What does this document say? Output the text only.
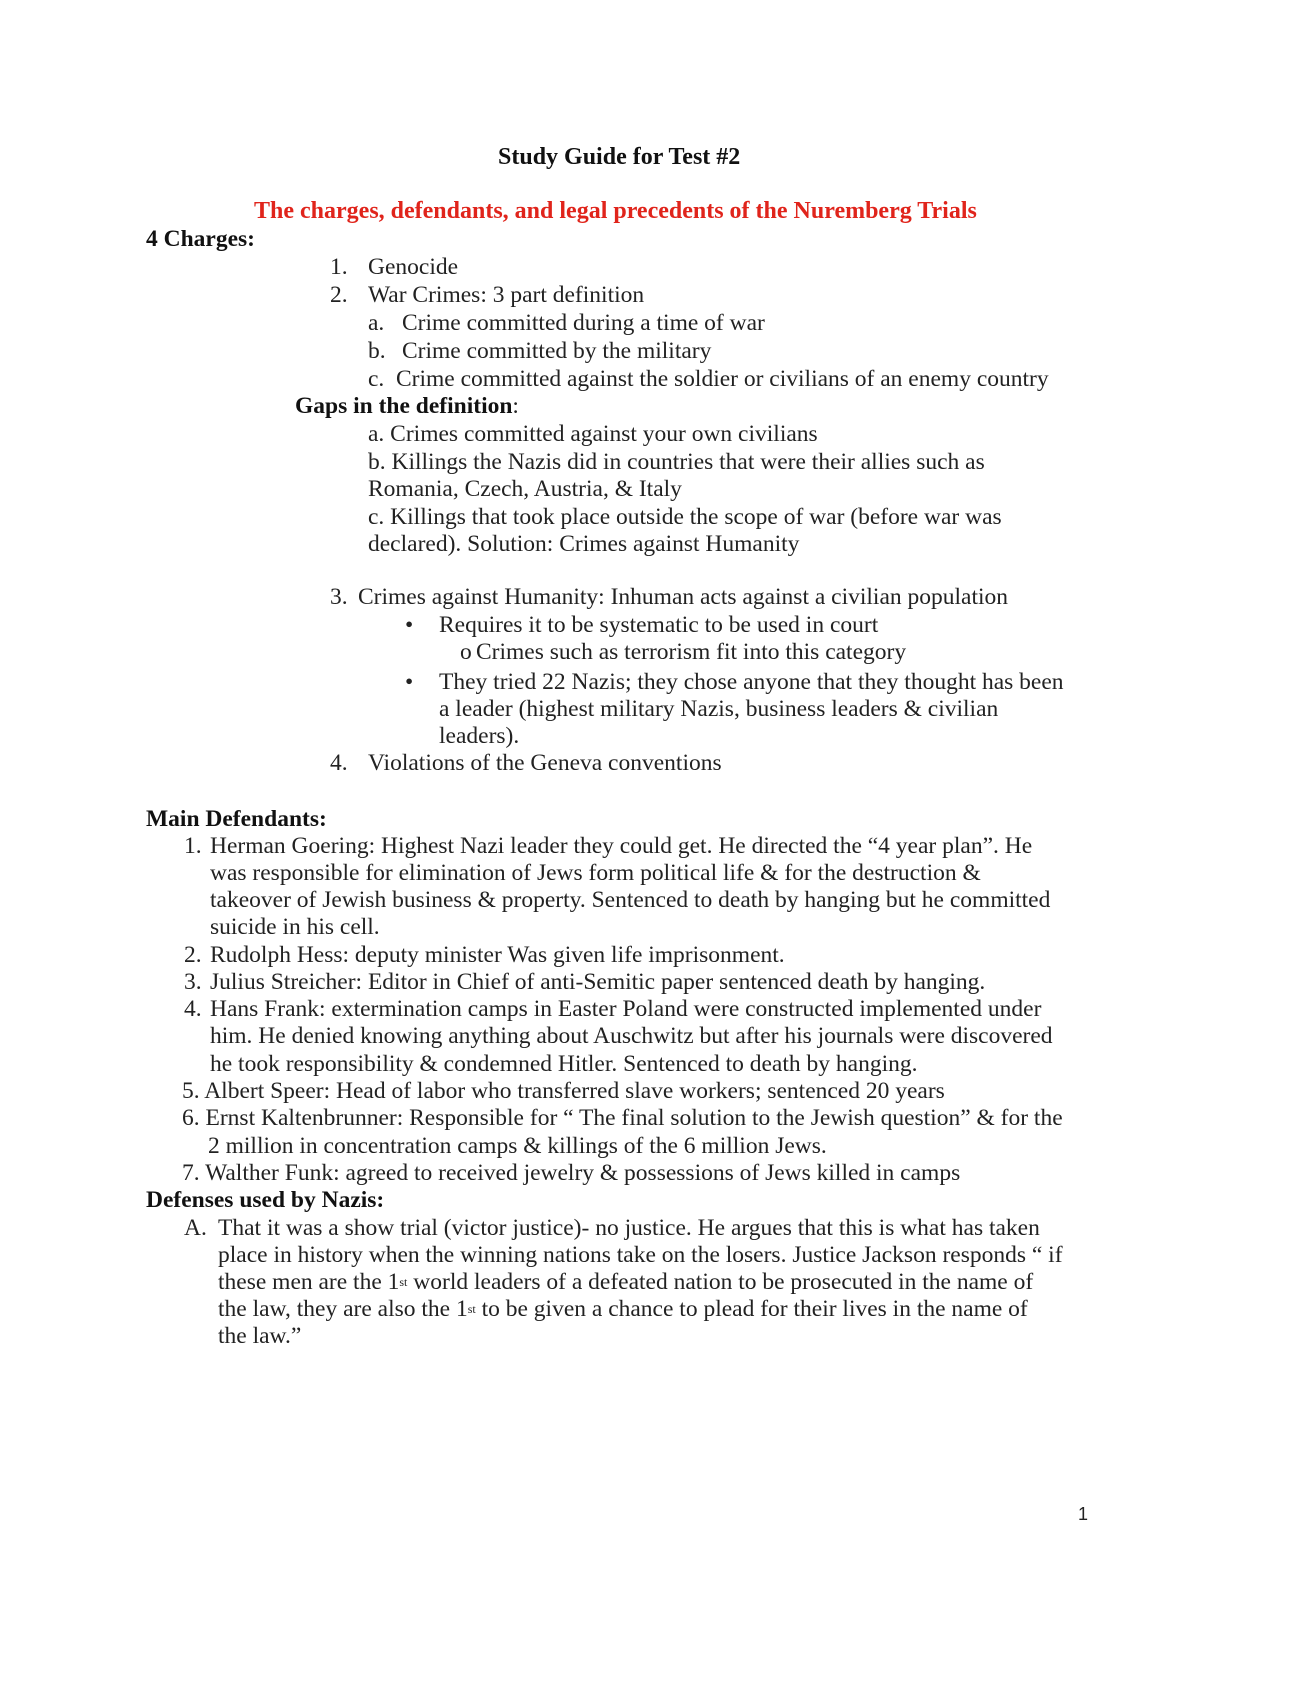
Study Guide for Test #2
The charges, defendants, and legal precedents of the Nuremberg Trials
4 Charges:
1. Genocide
2. War Crimes: 3 part definition
a. Crime committed during a time of war
b. Crime committed by the military
c. Crime committed against the soldier or civilians of an enemy country
Gaps in the definition:
a. Crimes committed against your own civilians
b. Killings the Nazis did in countries that were their allies such as
Romania, Czech, Austria, & Italy
c. Killings that took place outside the scope of war (before war was
declared). Solution: Crimes against Humanity
3. Crimes against Humanity: Inhuman acts against a civilian population
• Requires it to be systematic to be used in court
o Crimes such as terrorism fit into this category
• They tried 22 Nazis; they chose anyone that they thought has been
a leader (highest military Nazis, business leaders & civilian
leaders).
4. Violations of the Geneva conventions
Main Defendants:
1. Herman Goering: Highest Nazi leader they could get. He directed the “4 year plan”. He
was responsible for elimination of Jews form political life & for the destruction &
takeover of Jewish business & property. Sentenced to death by hanging but he committed
suicide in his cell.
2. Rudolph Hess: deputy minister Was given life imprisonment.
3. Julius Streicher: Editor in Chief of anti-Semitic paper sentenced death by hanging.
4. Hans Frank: extermination camps in Easter Poland were constructed implemented under
him. He denied knowing anything about Auschwitz but after his journals were discovered
he took responsibility & condemned Hitler. Sentenced to death by hanging.
5. Albert Speer: Head of labor who transferred slave workers; sentenced 20 years
6. Ernst Kaltenbrunner: Responsible for “ The final solution to the Jewish question” & for the
2 million in concentration camps & killings of the 6 million Jews.
7. Walther Funk: agreed to received jewelry & possessions of Jews killed in camps
Defenses used by Nazis:
A. That it was a show trial (victor justice)- no justice. He argues that this is what has taken
place in history when the winning nations take on the losers. Justice Jackson responds “ if
these men are the 1st world leaders of a defeated nation to be prosecuted in the name of
the law, they are also the 1st to be given a chance to plead for their lives in the name of
the law.”
1
